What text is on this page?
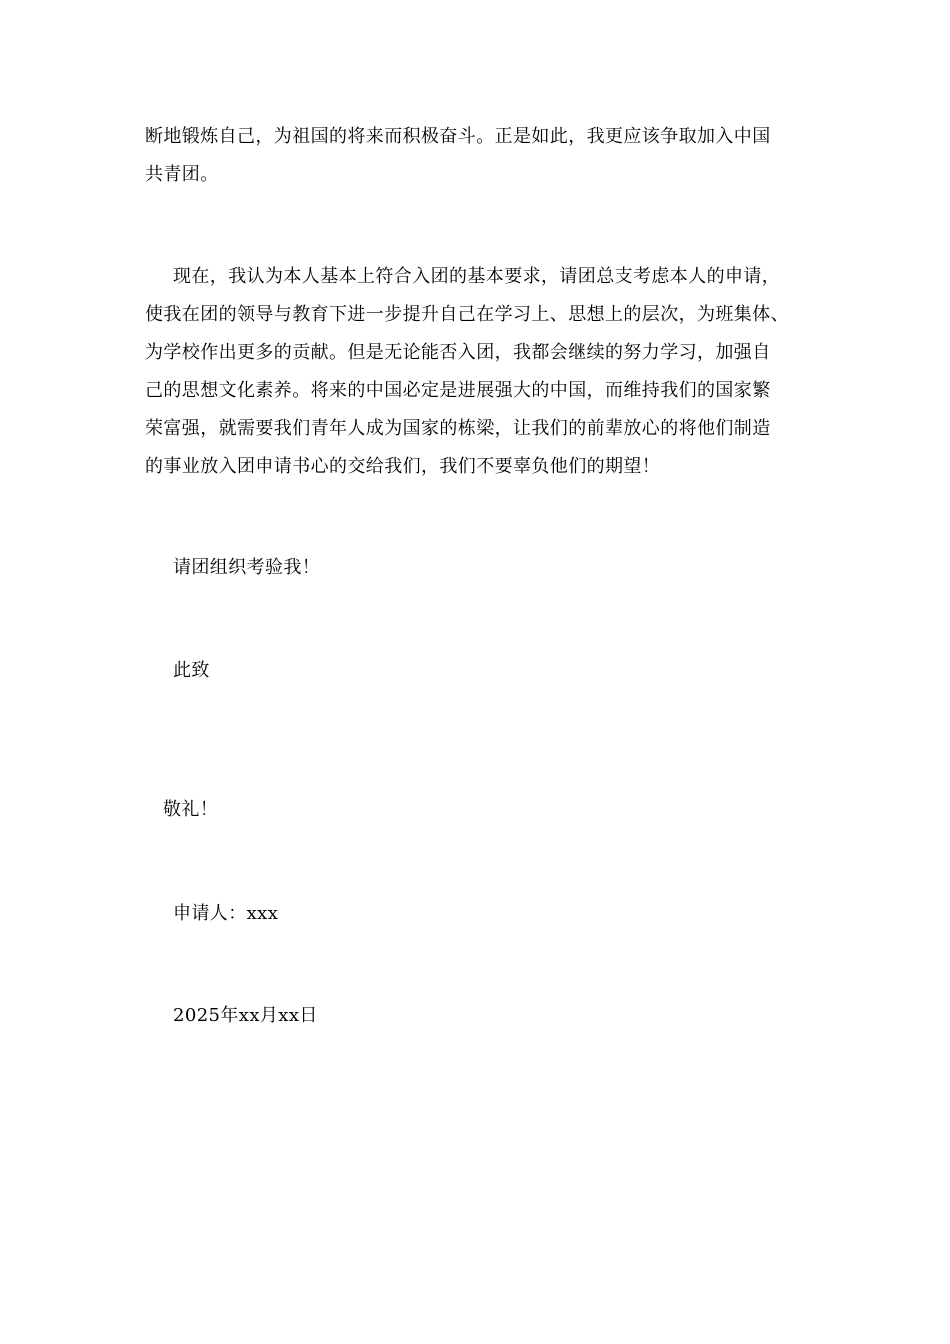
断地锻炼自己，为祖国的将来而积极奋斗。正是如此，我更应该争取加入中国
共青团。
现在，我认为本人基本上符合入团的基本要求，请团总支考虑本人的申请，
使我在团的领导与教育下进一步提升自己在学习上、思想上的层次，为班集体、
为学校作出更多的贡献。但是无论能否入团，我都会继续的努力学习，加强自
己的思想文化素养。将来的中国必定是进展强大的中国，而维持我们的国家繁
荣富强，就需要我们青年人成为国家的栋梁，让我们的前辈放心的将他们制造
的事业放入团申请书心的交给我们，我们不要辜负他们的期望！
请团组织考验我！
此致
敬礼！
申请人：xxx
2025年xx月xx日
